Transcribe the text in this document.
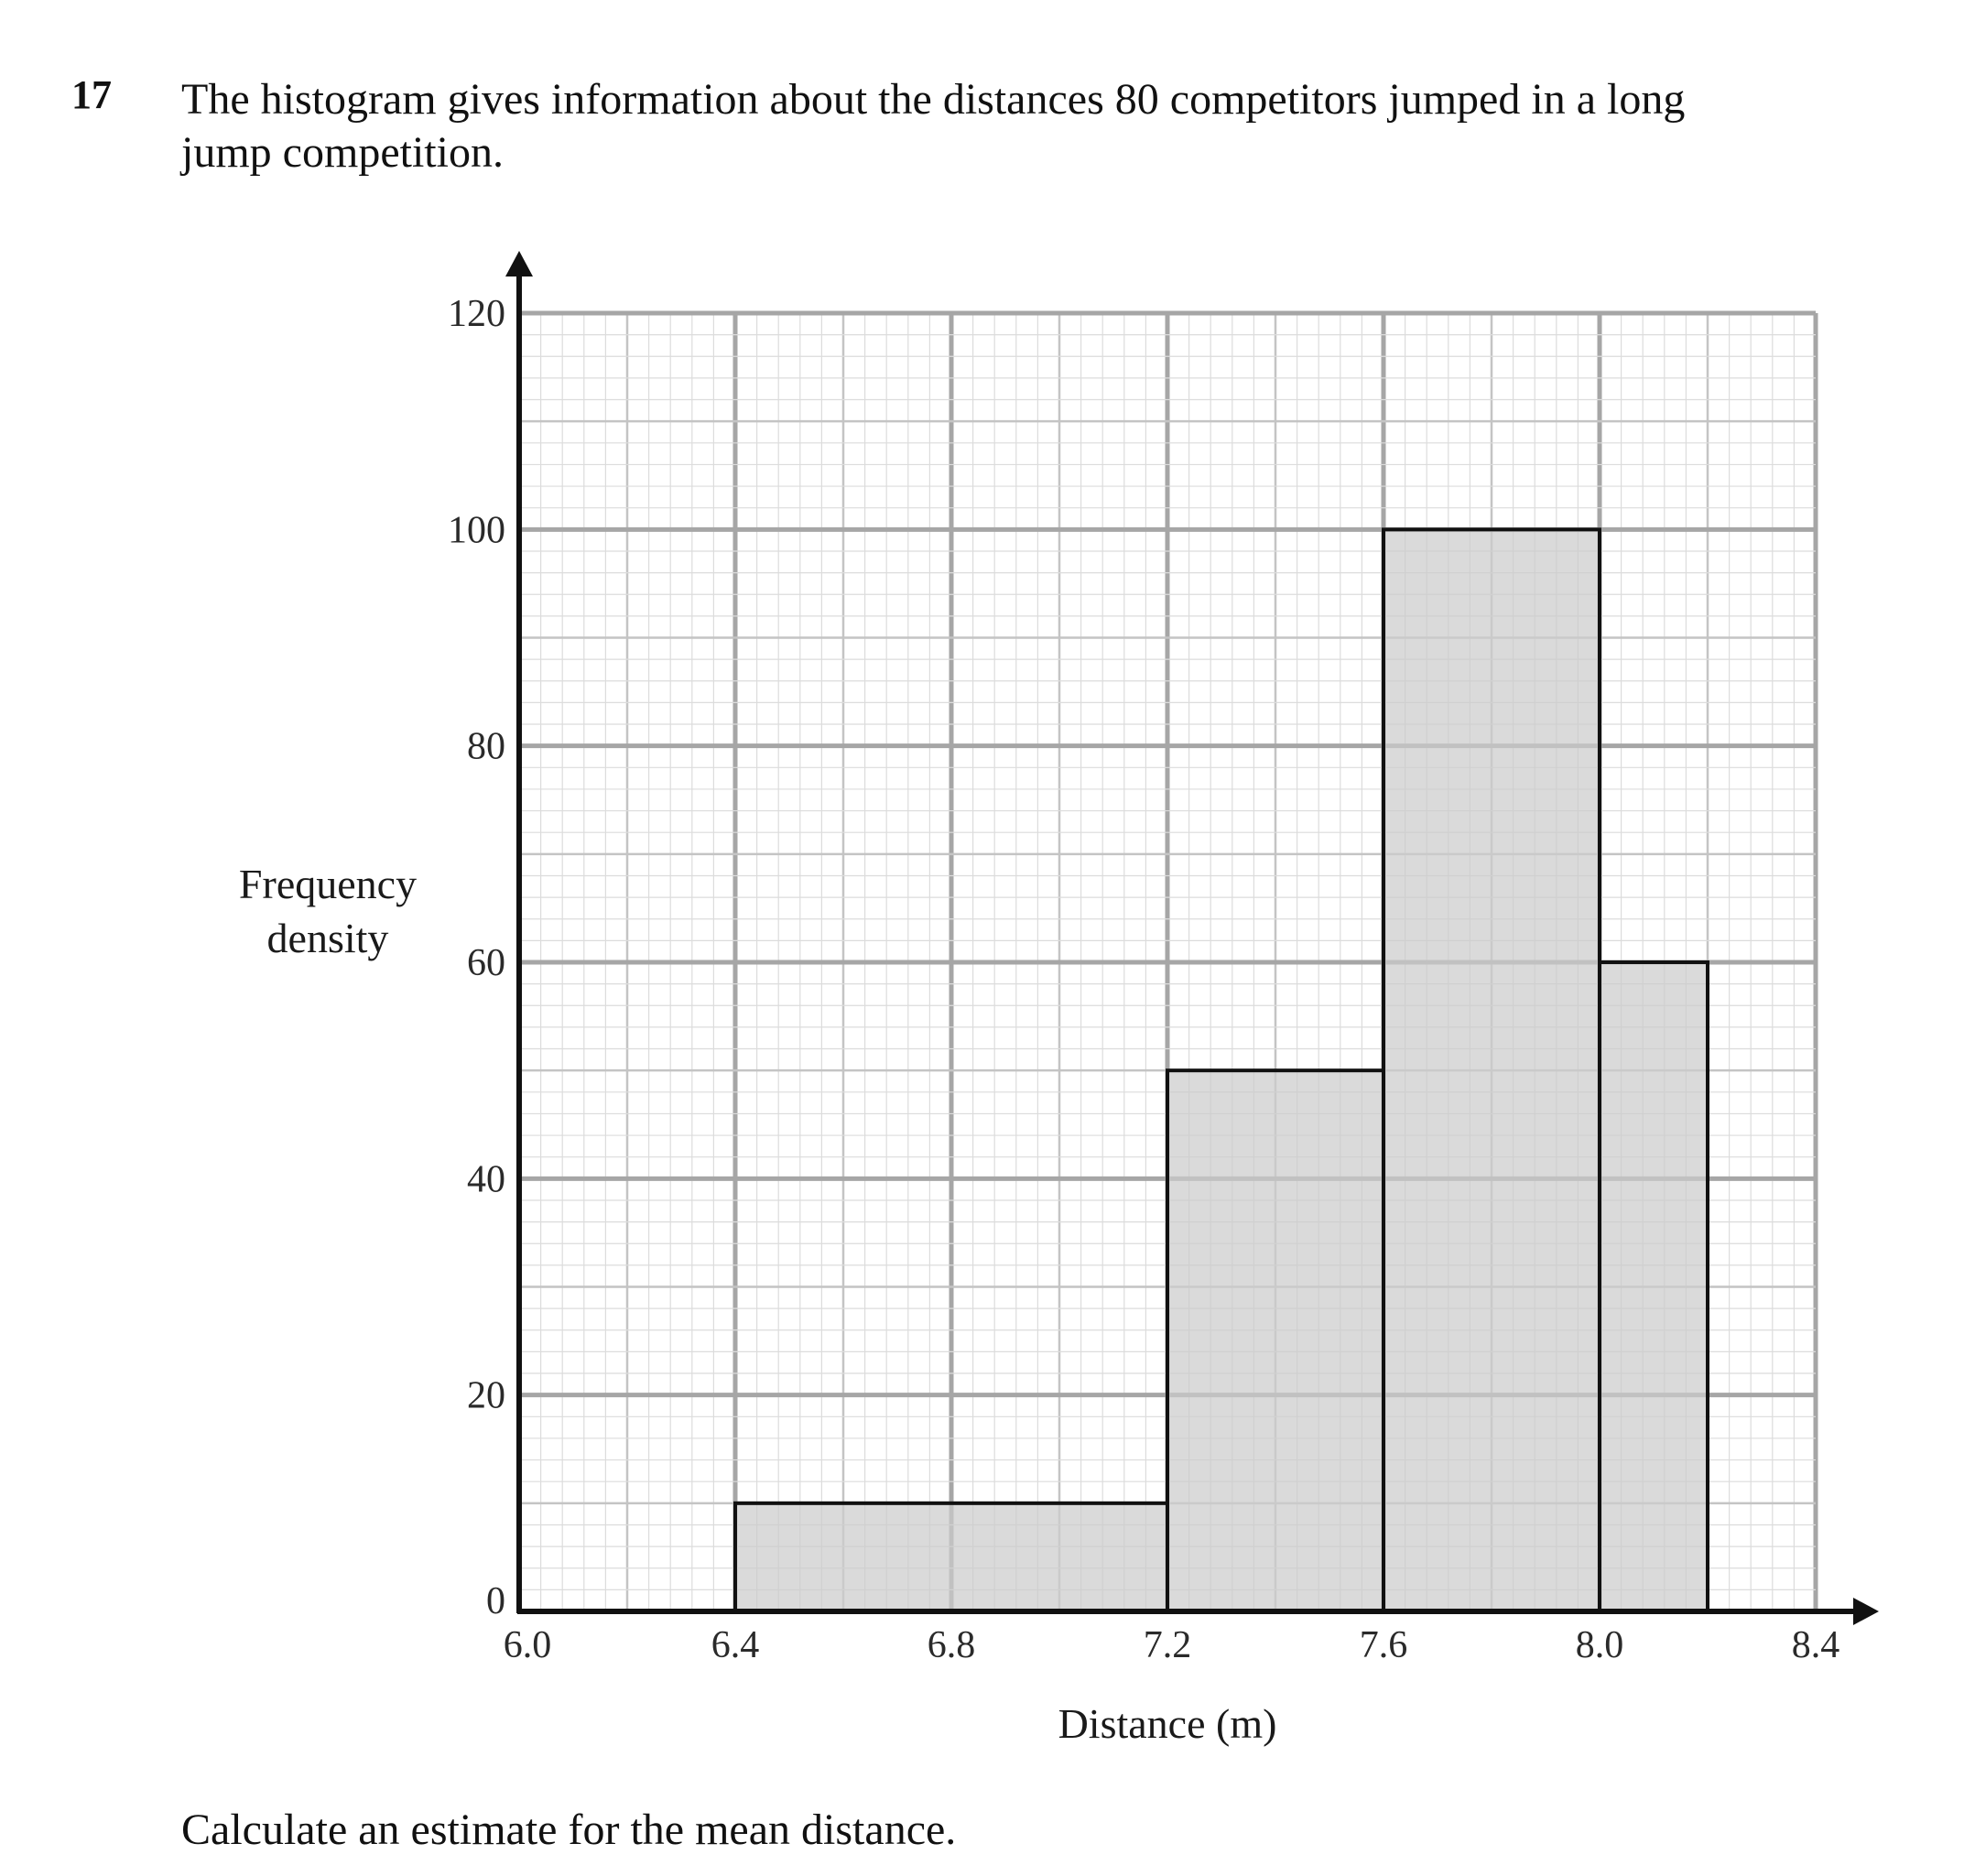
17 The histogram gives information about the distances 80 competitors jumped in a long
jump competition.
0
20
40
60
80
100
120
6.0	6.4	6.8	7.2	7.6	8.0	8.4
Frequency
density
Distance (m)
Calculate an estimate for the mean distance.
